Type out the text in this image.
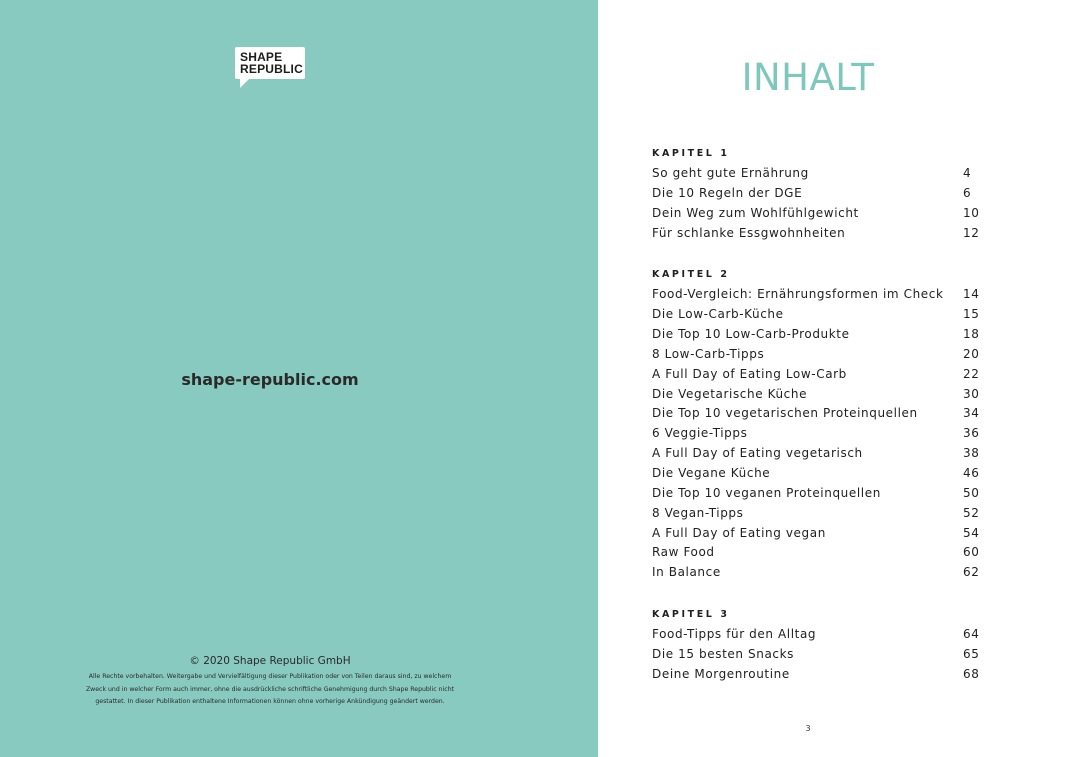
SHAPE
REPUBLIC
shape-republic.com
© 2020 Shape Republic GmbH
Alle Rechte vorbehalten. Weitergabe und Vervielfältigung dieser Publikation oder von Teilen daraus sind, zu welchem
Zweck und in welcher Form auch immer, ohne die ausdrückliche schriftliche Genehmigung durch Shape Republic nicht
gestattet. In dieser Publikation enthaltene Informationen können ohne vorherige Ankündigung geändert werden.
INHALT
KAPITEL 1
So geht gute Ernährung	4
Die 10 Regeln der DGE	6
Dein Weg zum Wohlfühlgewicht	10
Für schlanke Essgwohnheiten	12
KAPITEL 2
Food-Vergleich: Ernährungsformen im Check 14
Die Low-Carb-Küche	15
Die Top 10 Low-Carb-Produkte	18
8 Low-Carb-Tipps	20
A Full Day of Eating Low-Carb	22
Die Vegetarische Küche	30
Die Top 10 vegetarischen Proteinquellen	34
6 Veggie-Tipps	36
A Full Day of Eating vegetarisch	38
Die Vegane Küche	46
Die Top 10 veganen Proteinquellen	50
8 Vegan-Tipps	52
A Full Day of Eating vegan	54
Raw Food	60
In Balance	62
KAPITEL 3
Food-Tipps für den Alltag	64
Die 15 besten Snacks	65
Deine Morgenroutine	68
3
